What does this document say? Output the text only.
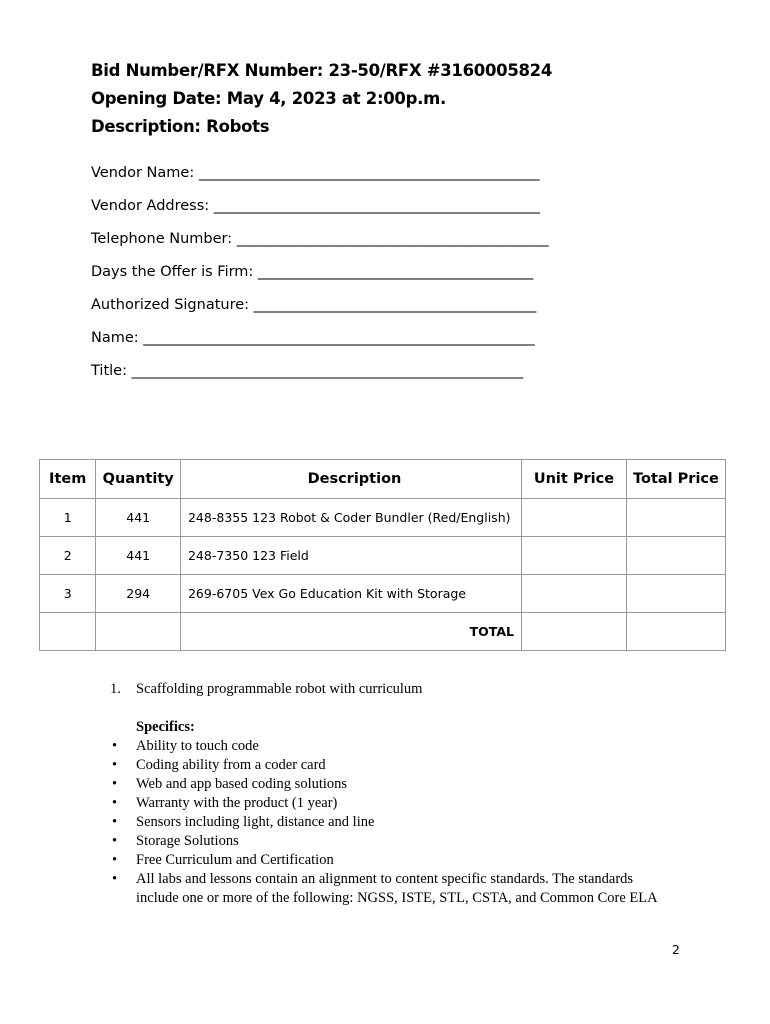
Bid Number/RFX Number: 23-50/RFX #3160005824
Opening Date: May 4, 2023 at 2:00p.m.
Description: Robots
Vendor Name: _______________________________________________
Vendor Address: _____________________________________________
Telephone Number: ___________________________________________
Days the Offer is Firm: ______________________________________
Authorized Signature: _______________________________________
Name: ______________________________________________________
Title: ______________________________________________________
Item	Quantity	Description	Unit Price	Total Price
1	441	248-8355 123 Robot & Coder Bundler (Red/English)		
2	441	248-7350 123 Field		
3	294	269-6705 Vex Go Education Kit with Storage		
		TOTAL		
1. Scaffolding programmable robot with curriculum
Specifics:
• Ability to touch code
• Coding ability from a coder card
• Web and app based coding solutions
• Warranty with the product (1 year)
• Sensors including light, distance and line
• Storage Solutions
• Free Curriculum and Certification
• All labs and lessons contain an alignment to content specific standards. The standards include one or more of the following: NGSS, ISTE, STL, CSTA, and Common Core ELA
2
